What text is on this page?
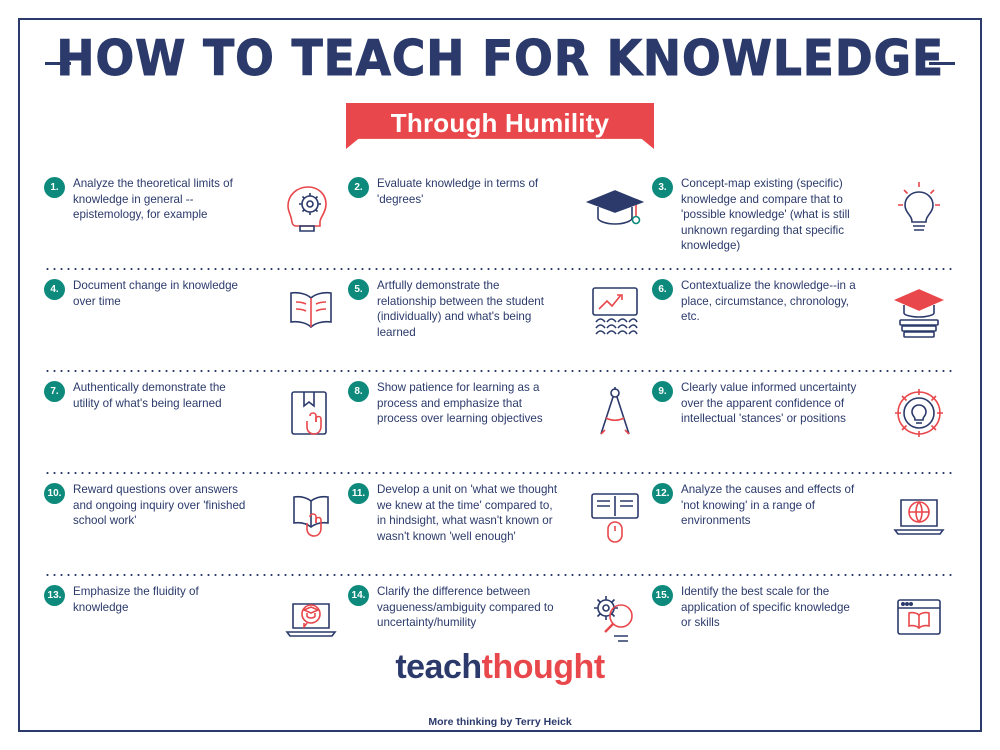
HOW TO TEACH FOR KNOWLEDGE
Through Humility
1.	Analyze the theoretical limits of knowledge in general --epistemology, for example
2.	Evaluate knowledge in terms of 'degrees'
3.	Concept-map existing (specific) knowledge and compare that to 'possible knowledge' (what is still unknown regarding that specific knowledge)
4.	Document change in knowledge over time
5.	Artfully demonstrate the relationship between the student (individually) and what's being learned
6.	Contextualize the knowledge--in a place, circumstance, chronology, etc.
7.	Authentically demonstrate the utility of what's being learned
8.	Show patience for learning as a process and emphasize that process over learning objectives
9.	Clearly value informed uncertainty over the apparent confidence of intellectual 'stances' or positions
10. Reward questions over answers and ongoing inquiry over 'finished school work'
11.	Develop a unit on 'what we thought we knew at the time' compared to, in hindsight, what wasn't known or wasn't known 'well enough'
12. Analyze the causes and effects of 'not knowing' in a range of environments
13. Emphasize the fluidity of knowledge
14. Clarify the difference between vagueness/ambiguity compared to uncertainty/humility
15. Identify the best scale for the application of specific knowledge or skills
teachthought
More thinking by Terry Heick
